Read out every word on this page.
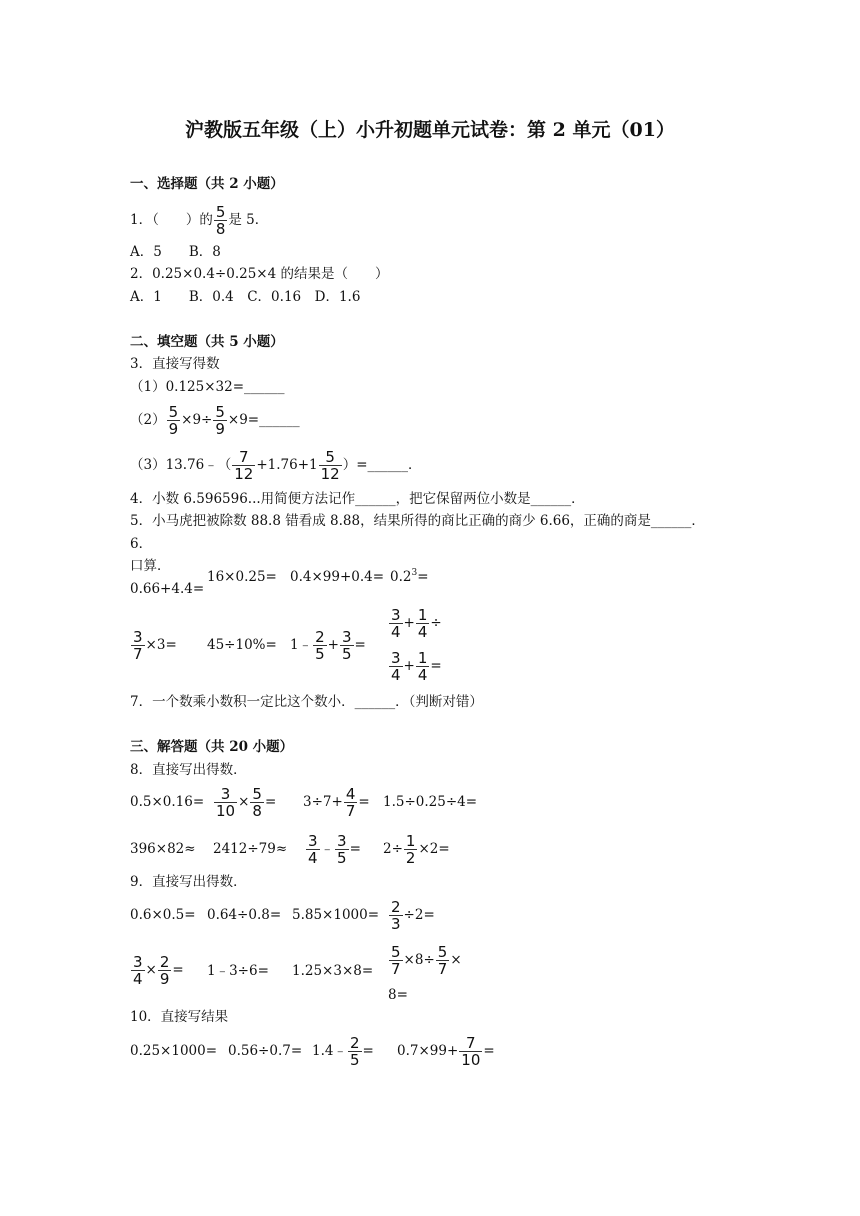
沪教版五年级（上）小升初题单元试卷：第 2 单元（01）
一、选择题（共 2 小题）
1．（　　）的 $\frac{5}{8}$ 是 5．
A．5　　B．8
2．0.25×0.4÷0.25×4 的结果是（　　）
A．1　　B．0.4　C．0.16　D．1.6
二、填空题（共 5 小题）
3．直接写得数
（1）0.125×32=______
$(2) \frac{5}{9} \times 9\div \frac{5}{9}$ ×9=______
（3）13.76﹣（ $\frac{7}{12} +1.76+1 \frac{5}{12}$ ）=______．
4．小数 6.596596...用简便方法记作______，把它保留两位小数是______．
5．小马虎把被除数 88.8 错看成 8.88，结果所得的商比正确的商少 6.66，正确的商是______．
6．
口算．
0.66+4.4=
$16\times 0.25= 0.4\times 99+0.4= 0.2^3=$
$\frac{3}{7} \times 3= 45\div 10\%=$ 1﹣ $\frac{2}{5} + \frac{3}{5}$ =
$\frac{3}{4} + \frac{1}{4}$ ÷
$\frac{3}{4} + \frac{1}{4}$ =
7．一个数乘小数积一定比这个数小．______．（判断对错）
三、解答题（共 20 小题）
8．直接写出得数．
$0.5\times 0.16= \frac{3}{10} \times \frac{5}{8} = 3\div 7+ \frac{4}{7} = 1.5\div 0.25\div 4=$
$396\times 82\approx 2412\div 79\approx \frac{3}{4}$ ﹣ $\frac{3}{5} = 2\div \frac{1}{2} \times 2=$
9．直接写出得数．
$0.6\times 0.5= 0.64\div 0.8= 5.85\times 1000= \frac{2}{3} \div 2=$
$\frac{3}{4} \times \frac{2}{9}$ = 1﹣3÷6= $1.25\times 3\times 8= \frac{5}{7} \times 8\div \frac{5}{7}$ ×
8=
10．直接写结果
0.25×1000= 0.56÷0.7= 1.4﹣ $\frac{2}{5} = 0.7\times 99+ \frac{7}{10}$ =
